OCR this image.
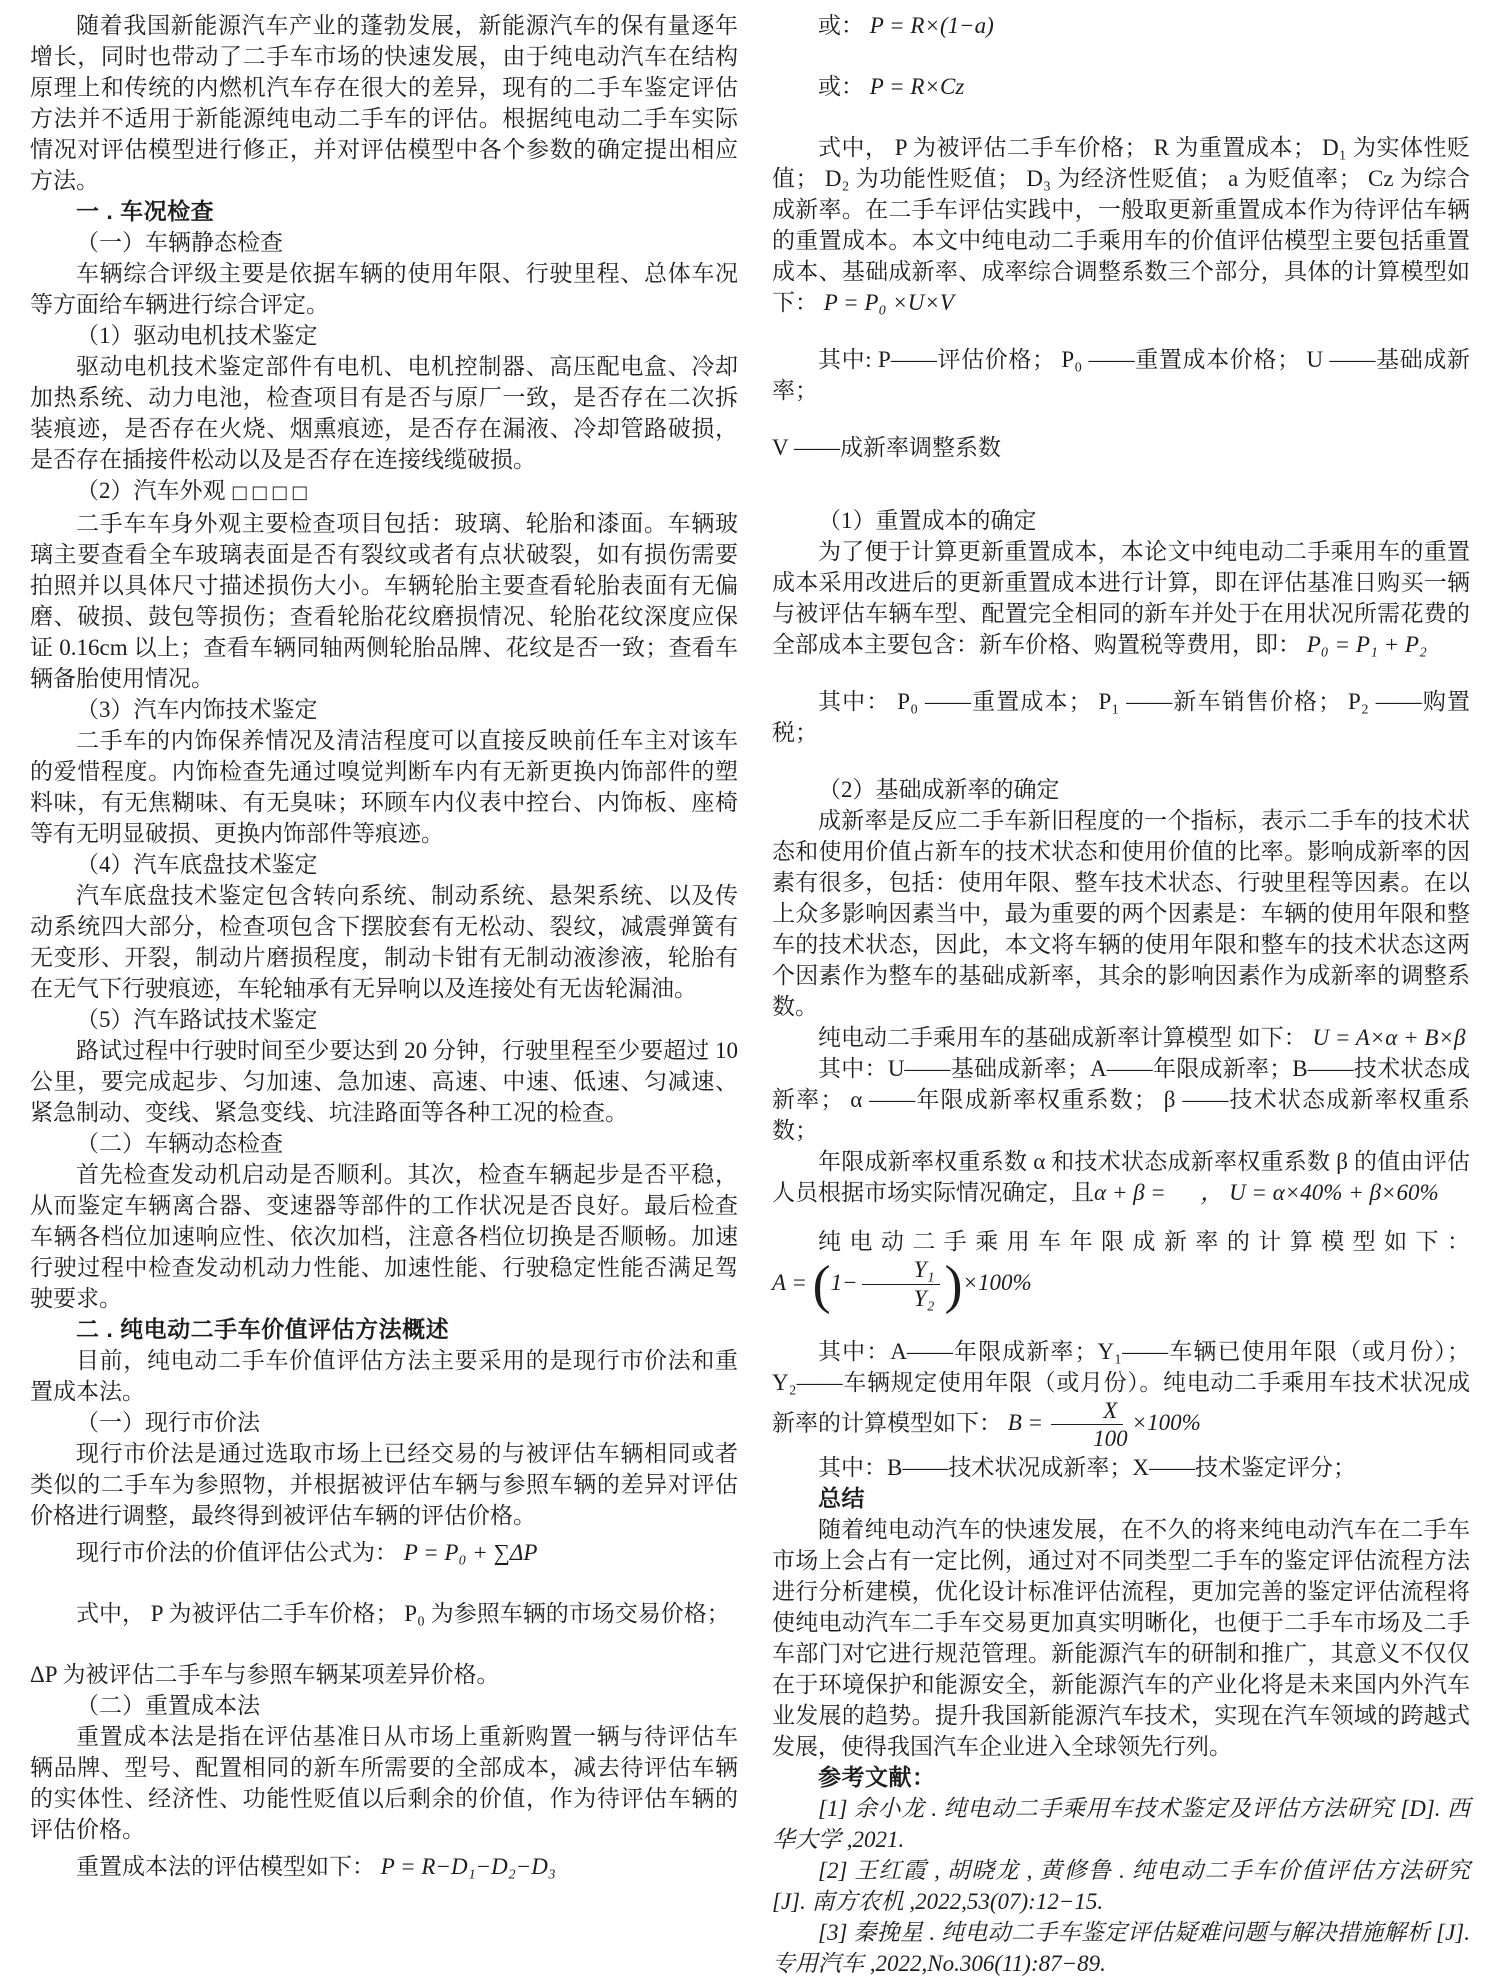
随着我国新能源汽车产业的蓬勃发展，新能源汽车的保有量逐年增长，同时也带动了二手车市场的快速发展，由于纯电动汽车在结构原理上和传统的内燃机汽车存在很大的差异，现有的二手车鉴定评估方法并不适用于新能源纯电动二手车的评估。根据纯电动二手车实际情况对评估模型进行修正，并对评估模型中各个参数的确定提出相应方法。

一 . 车况检查

（一）车辆静态检查

车辆综合评级主要是依据车辆的使用年限、行驶里程、总体车况等方面给车辆进行综合评定。

（1）驱动电机技术鉴定

驱动电机技术鉴定部件有电机、电机控制器、高压配电盒、冷却加热系统、动力电池，检查项目有是否与原厂一致，是否存在二次拆装痕迹，是否存在火烧、烟熏痕迹，是否存在漏液、冷却管路破损，是否存在插接件松动以及是否存在连接线缆破损。

（2）汽车外观 □□□□

二手车车身外观主要检查项目包括：玻璃、轮胎和漆面。车辆玻璃主要查看全车玻璃表面是否有裂纹或者有点状破裂，如有损伤需要拍照并以具体尺寸描述损伤大小。车辆轮胎主要查看轮胎表面有无偏磨、破损、鼓包等损伤；查看轮胎花纹磨损情况、轮胎花纹深度应保证 0.16cm 以上；查看车辆同轴两侧轮胎品牌、花纹是否一致；查看车辆备胎使用情况。

（3）汽车内饰技术鉴定

二手车的内饰保养情况及清洁程度可以直接反映前任车主对该车的爱惜程度。内饰检查先通过嗅觉判断车内有无新更换内饰部件的塑料味，有无焦糊味、有无臭味；环顾车内仪表中控台、内饰板、座椅等有无明显破损、更换内饰部件等痕迹。

（4）汽车底盘技术鉴定

汽车底盘技术鉴定包含转向系统、制动系统、悬架系统、以及传动系统四大部分，检查项包含下摆胶套有无松动、裂纹，减震弹簧有无变形、开裂，制动片磨损程度，制动卡钳有无制动液渗液，轮胎有在无气下行驶痕迹，车轮轴承有无异响以及连接处有无齿轮漏油。

（5）汽车路试技术鉴定

路试过程中行驶时间至少要达到 20 分钟，行驶里程至少要超过 10 公里，要完成起步、匀加速、急加速、高速、中速、低速、匀减速、紧急制动、变线、紧急变线、坑洼路面等各种工况的检查。

（二）车辆动态检查

首先检查发动机启动是否顺利。其次，检查车辆起步是否平稳，从而鉴定车辆离合器、变速器等部件的工作状况是否良好。最后检查车辆各档位加速响应性、依次加档，注意各档位切换是否顺畅。加速行驶过程中检查发动机动力性能、加速性能、行驶稳定性能否满足驾驶要求。

二 . 纯电动二手车价值评估方法概述

目前，纯电动二手车价值评估方法主要采用的是现行市价法和重置成本法。

（一）现行市价法

现行市价法是通过选取市场上已经交易的与被评估车辆相同或者类似的二手车为参照物，并根据被评估车辆与参照车辆的差异对评估价格进行调整，最终得到被评估车辆的评估价格。

现行市价法的价值评估公式为： P = P₀ + ∑ΔP

式中， P 为被评估二手车价格； P₀ 为参照车辆的市场交易价格；

ΔP 为被评估二手车与参照车辆某项差异价格。

（二）重置成本法

重置成本法是指在评估基准日从市场上重新购置一辆与待评估车辆品牌、型号、配置相同的新车所需要的全部成本，减去待评估车辆的实体性、经济性、功能性贬值以后剩余的价值，作为待评估车辆的评估价格。

重置成本法的评估模型如下： P = R−D₁−D₂−D₃

或： P = R×(1−a)

或： P = R×Cz

式中， P 为被评估二手车价格； R 为重置成本； D₁ 为实体性贬值； D₂ 为功能性贬值； D₃ 为经济性贬值； a 为贬值率； Cz 为综合成新率。在二手车评估实践中，一般取更新重置成本作为待评估车辆的重置成本。本文中纯电动二手乘用车的价值评估模型主要包括重置成本、基础成新率、成率综合调整系数三个部分，具体的计算模型如下： P = P₀ ×U×V

其中: P——评估价格； P₀ ——重置成本价格； U ——基础成新率；

V ——成新率调整系数

（1）重置成本的确定

为了便于计算更新重置成本，本论文中纯电动二手乘用车的重置成本采用改进后的更新重置成本进行计算，即在评估基准日购买一辆与被评估车辆车型、配置完全相同的新车并处于在用状况所需花费的全部成本主要包含：新车价格、购置税等费用，即： P₀ = P₁ + P₂

其中： P₀ ——重置成本； P₁ ——新车销售价格； P₂ ——购置税；

（2）基础成新率的确定

成新率是反应二手车新旧程度的一个指标，表示二手车的技术状态和使用价值占新车的技术状态和使用价值的比率。影响成新率的因素有很多，包括：使用年限、整车技术状态、行驶里程等因素。在以上众多影响因素当中，最为重要的两个因素是：车辆的使用年限和整车的技术状态，因此，本文将车辆的使用年限和整车的技术状态这两个因素作为整车的基础成新率，其余的影响因素作为成新率的调整系数。

纯电动二手乘用车的基础成新率计算模型 如下： U = A×α + B×β

其中：U——基础成新率；A——年限成新率；B——技术状态成新率； α ——年限成新率权重系数； β ——技术状态成新率权重系数；

年限成新率权重系数 α 和技术状态成新率权重系数 β 的值由评估人员根据市场实际情况确定，且α + β = 　 ， U = α×40% + β×60%

纯电动二手乘用车年限成新率的计算模型如下： $A = (1- \frac{\text{Y₁}}{\text{Y₂}} )\times 100\%$

其中：A——年限成新率；Y₁——车辆已使用年限（或月份）；Y₂——车辆规定使用年限（或月份）。纯电动二手乘用车技术状况成新率的计算模型如下： $B = \frac{X}{100} \times 100\%$

其中：B——技术状况成新率；X——技术鉴定评分；

总结

随着纯电动汽车的快速发展，在不久的将来纯电动汽车在二手车市场上会占有一定比例，通过对不同类型二手车的鉴定评估流程方法进行分析建模，优化设计标准评估流程，更加完善的鉴定评估流程将使纯电动汽车二手车交易更加真实明晰化，也便于二手车市场及二手车部门对它进行规范管理。新能源汽车的研制和推广，其意义不仅仅在于环境保护和能源安全，新能源汽车的产业化将是未来国内外汽车业发展的趋势。提升我国新能源汽车技术，实现在汽车领域的跨越式发展，使得我国汽车企业进入全球领先行列。

参考文献：

[1] 余小龙 . 纯电动二手乘用车技术鉴定及评估方法研究 [D]. 西华大学 ,2021.

[2] 王红霞 , 胡晓龙 , 黄修鲁 . 纯电动二手车价值评估方法研究 [J]. 南方农机 ,2022,53(07):12−15.

[3] 秦挽星 . 纯电动二手车鉴定评估疑难问题与解决措施解析 [J]. 专用汽车 ,2022,No.306(11):87−89.
